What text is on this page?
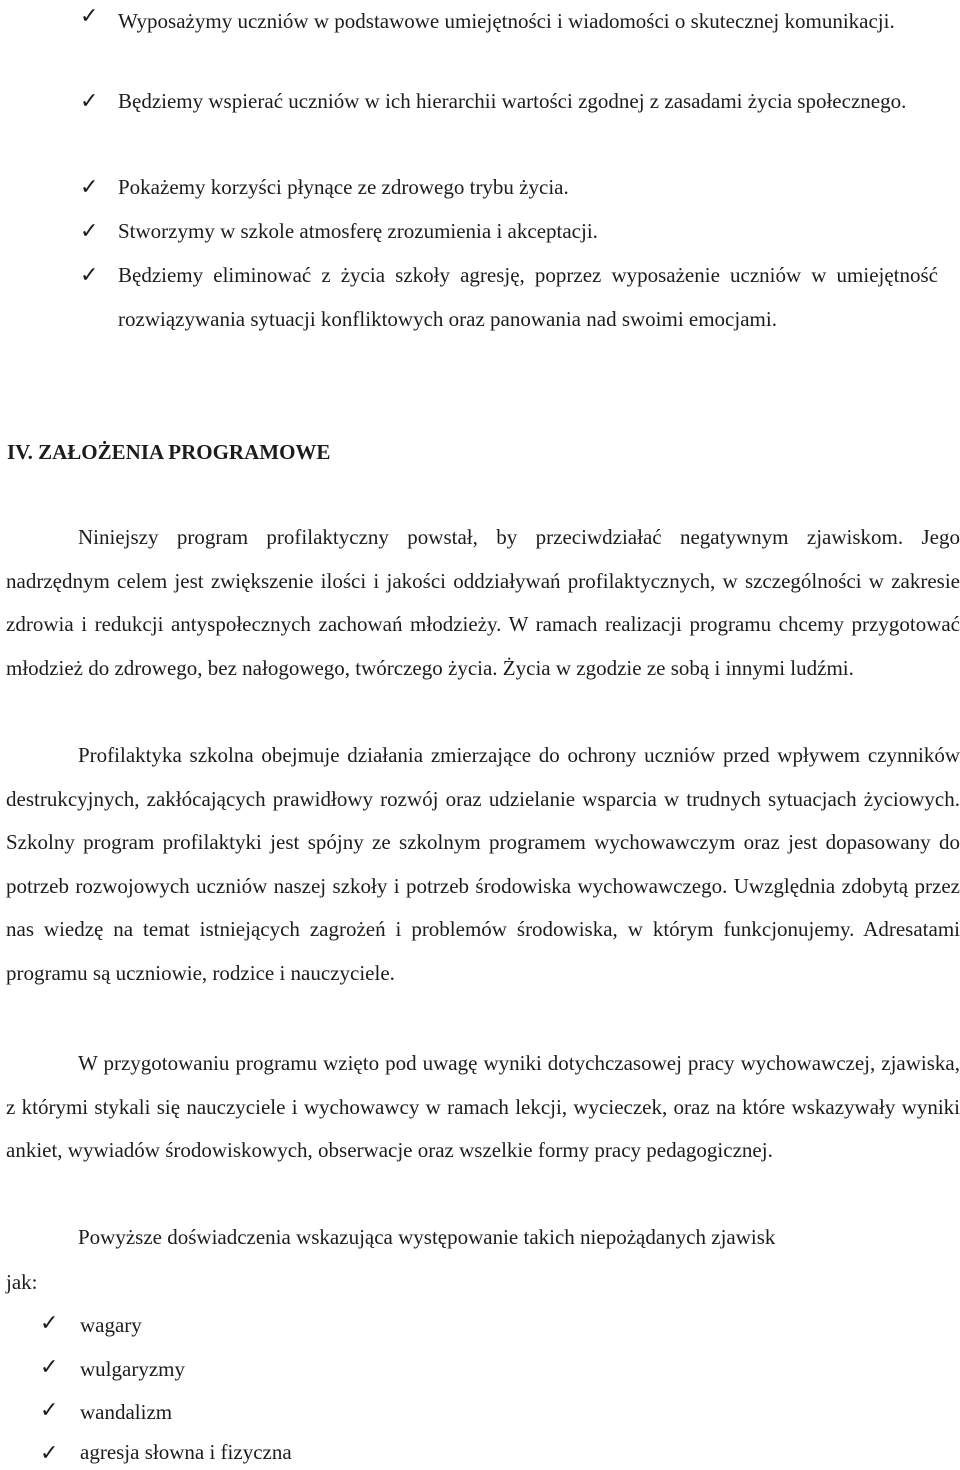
✓ Wyposażymy uczniów w podstawowe umiejętności i wiadomości o skutecznej komunikacji.
✓ Będziemy wspierać uczniów w ich hierarchii wartości zgodnej z zasadami życia społecznego.
✓ Pokażemy korzyści płynące ze zdrowego trybu życia.
✓ Stworzymy w szkole atmosferę zrozumienia i akceptacji.
✓ Będziemy eliminować z życia szkoły agresję, poprzez wyposażenie uczniów w umiejętność rozwiązywania sytuacji konfliktowych oraz panowania nad swoimi emocjami.
IV. ZAŁOŻENIA PROGRAMOWE

Niniejszy program profilaktyczny powstał, by przeciwdziałać negatywnym zjawiskom. Jego nadrzędnym celem jest zwiększenie ilości i jakości oddziaływań profilaktycznych, w szczególności w zakresie zdrowia i redukcji antyspołecznych zachowań młodzieży. W ramach realizacji programu chcemy przygotować młodzież do zdrowego, bez nałogowego, twórczego życia. Życia w zgodzie ze sobą i innymi ludźmi.

Profilaktyka szkolna obejmuje działania zmierzające do ochrony uczniów przed wpływem czynników destrukcyjnych, zakłócających prawidłowy rozwój oraz udzielanie wsparcia w trudnych sytuacjach życiowych. Szkolny program profilaktyki jest spójny ze szkolnym programem wychowawczym oraz jest dopasowany do potrzeb rozwojowych uczniów naszej szkoły i potrzeb środowiska wychowawczego. Uwzględnia zdobytą przez nas wiedzę na temat istniejących zagrożeń i problemów środowiska, w którym funkcjonujemy. Adresatami programu są uczniowie, rodzice i nauczyciele.

W przygotowaniu programu wzięto pod uwagę wyniki dotychczasowej pracy wychowawczej, zjawiska, z którymi stykali się nauczyciele i wychowawcy w ramach lekcji, wycieczek, oraz na które wskazywały wyniki ankiet, wywiadów środowiskowych, obserwacje oraz wszelkie formy pracy pedagogicznej.

Powyższe doświadczenia wskazująca występowanie takich niepożądanych zjawisk

jak:

✓ wagary
✓ wulgaryzmy
✓ wandalizm
✓ agresja słowna i fizyczna
